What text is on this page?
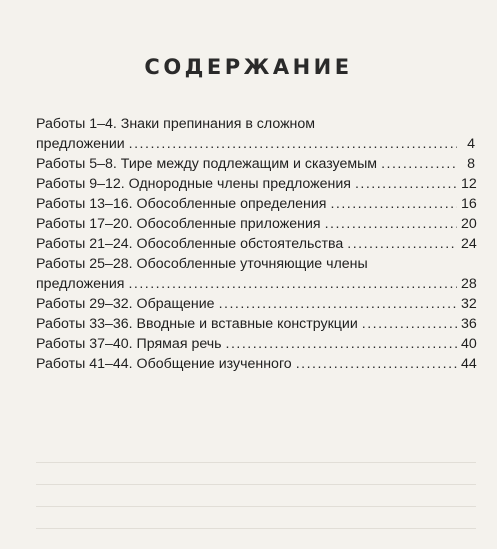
СОДЕРЖАНИЕ
Работы 1–4. Знаки препинания в сложном
предложении .....	4
Работы 5–8. Тире между подлежащим и сказуемым .....	8
Работы 9–12. Однородные члены предложения .....	12
Работы 13–16. Обособленные определения .....	16
Работы 17–20. Обособленные приложения .....	20
Работы 21–24. Обособленные обстоятельства .....	24
Работы 25–28. Обособленные уточняющие члены
предложения .....	28
Работы 29–32. Обращение .....	32
Работы 33–36. Вводные и вставные конструкции .....	36
Работы 37–40. Прямая речь .....	40
Работы 41–44. Обобщение изученного .....	44
